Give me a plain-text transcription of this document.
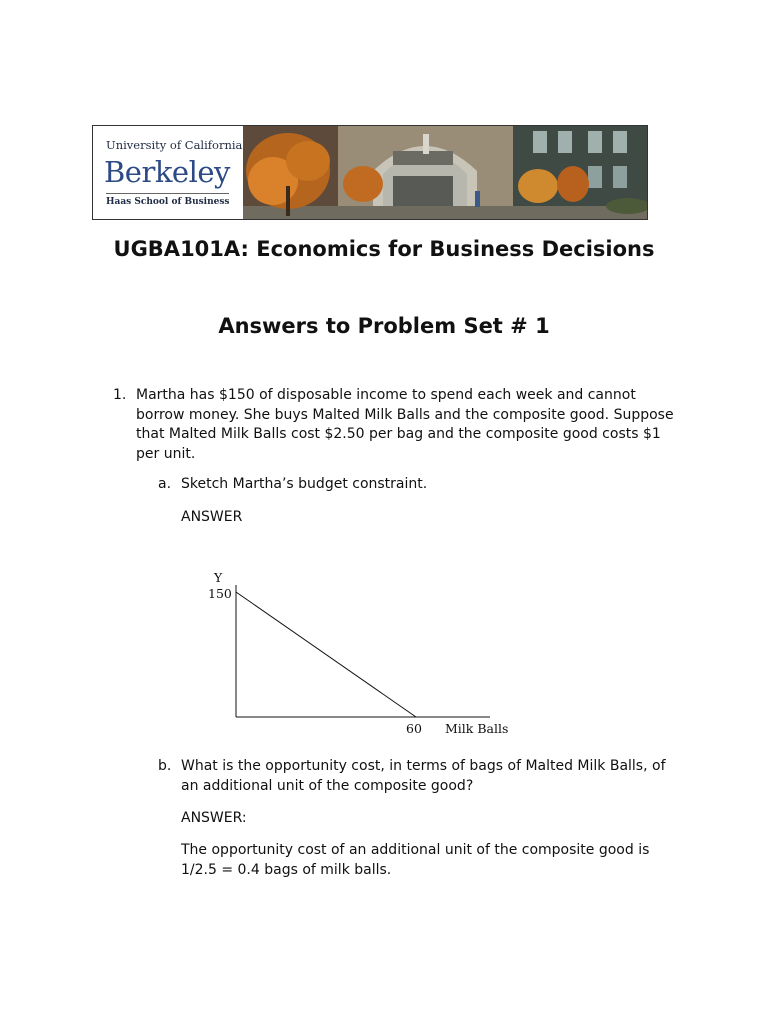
University of California
Berkeley
Haas School of Business
UGBA101A: Economics for Business Decisions
Answers to Problem Set # 1
1. Martha has $150 of disposable income to spend each week and cannot borrow money. She buys Malted Milk Balls and the composite good. Suppose that Malted Milk Balls cost $2.50 per bag and the composite good costs $1 per unit.

a. Sketch Martha’s budget constraint.

ANSWER

Y
150
60 Milk Balls
b. What is the opportunity cost, in terms of bags of Malted Milk Balls, of an additional unit of the composite good?

ANSWER:

The opportunity cost of an additional unit of the composite good is 1/2.5 = 0.4 bags of milk balls.
